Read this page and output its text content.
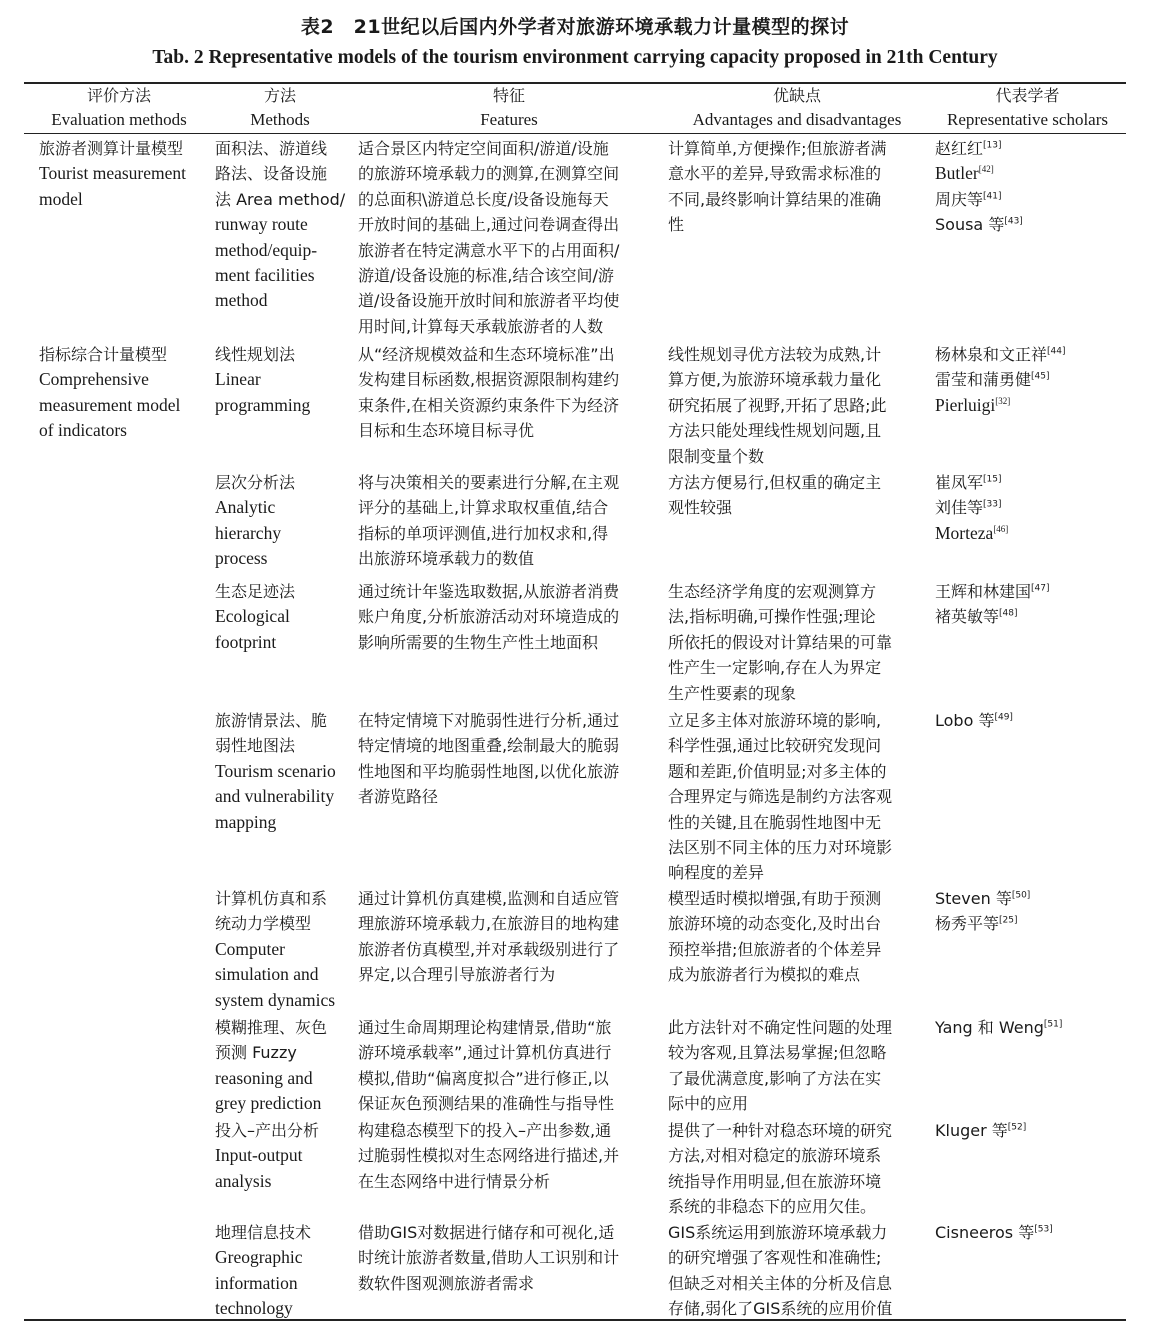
表2　21世纪以后国内外学者对旅游环境承载力计量模型的探讨
Tab. 2 Representative models of the tourism environment carrying capacity proposed in 21th Century
评价方法
Evaluation methods
方法
Methods
特征
Features
优缺点
Advantages and disadvantages
代表学者
Representative scholars
旅游者测算计量模型
Tourist measurement
model
指标综合计量模型
Comprehensive
measurement model
of indicators
面积法、游道线
路法、设备设施
法 Area method/
runway route
method/equip-
ment facilities
method
适合景区内特定空间面积/游道/设施
的旅游环境承载力的测算,在测算空间
的总面积\游道总长度/设备设施每天
开放时间的基础上,通过问卷调查得出
旅游者在特定满意水平下的占用面积/
游道/设备设施的标准,结合该空间/游
道/设备设施开放时间和旅游者平均使
用时间,计算每天承载旅游者的人数
计算简单,方便操作;但旅游者满
意水平的差异,导致需求标准的
不同,最终影响计算结果的准确
性
赵红红[13]
Butler[42]
周庆等[41]
Sousa 等[43]
线性规划法
Linear
programming
从“经济规模效益和生态环境标准”出
发构建目标函数,根据资源限制构建约
束条件,在相关资源约束条件下为经济
目标和生态环境目标寻优
线性规划寻优方法较为成熟,计
算方便,为旅游环境承载力量化
研究拓展了视野,开拓了思路;此
方法只能处理线性规划问题,且
限制变量个数
杨林泉和文正祥[44]
雷莹和蒲勇健[45]
Pierluigi[32]
层次分析法
Analytic
hierarchy
process
将与决策相关的要素进行分解,在主观
评分的基础上,计算求取权重值,结合
指标的单项评测值,进行加权求和,得
出旅游环境承载力的数值
方法方便易行,但权重的确定主
观性较强
崔凤军[15]
刘佳等[33]
Morteza[46]
生态足迹法
Ecological
footprint
通过统计年鉴选取数据,从旅游者消费
账户角度,分析旅游活动对环境造成的
影响所需要的生物生产性土地面积
生态经济学角度的宏观测算方
法,指标明确,可操作性强;理论
所依托的假设对计算结果的可靠
性产生一定影响,存在人为界定
生产性要素的现象
王辉和林建国[47]
褚英敏等[48]
旅游情景法、脆
弱性地图法
Tourism scenario
and vulnerability
mapping
在特定情境下对脆弱性进行分析,通过
特定情境的地图重叠,绘制最大的脆弱
性地图和平均脆弱性地图,以优化旅游
者游览路径
立足多主体对旅游环境的影响,
科学性强,通过比较研究发现问
题和差距,价值明显;对多主体的
合理界定与筛选是制约方法客观
性的关键,且在脆弱性地图中无
法区别不同主体的压力对环境影
响程度的差异
Lobo 等[49]
计算机仿真和系
统动力学模型
Computer
simulation and
system dynamics
通过计算机仿真建模,监测和自适应管
理旅游环境承载力,在旅游目的地构建
旅游者仿真模型,并对承载级别进行了
界定,以合理引导旅游者行为
模型适时模拟增强,有助于预测
旅游环境的动态变化,及时出台
预控举措;但旅游者的个体差异
成为旅游者行为模拟的难点
Steven 等[50]
杨秀平等[25]
模糊推理、灰色
预测 Fuzzy
reasoning and
grey prediction
通过生命周期理论构建情景,借助“旅
游环境承载率”,通过计算机仿真进行
模拟,借助“偏离度拟合”进行修正,以
保证灰色预测结果的准确性与指导性
此方法针对不确定性问题的处理
较为客观,且算法易掌握;但忽略
了最优满意度,影响了方法在实
际中的应用
Yang 和 Weng[51]
投入–产出分析
Input-output
analysis
构建稳态模型下的投入–产出参数,通
过脆弱性模拟对生态网络进行描述,并
在生态网络中进行情景分析
提供了一种针对稳态环境的研究
方法,对相对稳定的旅游环境系
统指导作用明显,但在旅游环境
系统的非稳态下的应用欠佳。
Kluger 等[52]
地理信息技术
Greographic
information
technology
借助GIS对数据进行储存和可视化,适
时统计旅游者数量,借助人工识别和计
数软件图观测旅游者需求
GIS系统运用到旅游环境承载力
的研究增强了客观性和准确性;
但缺乏对相关主体的分析及信息
存储,弱化了GIS系统的应用价值
Cisneeros 等[53]
